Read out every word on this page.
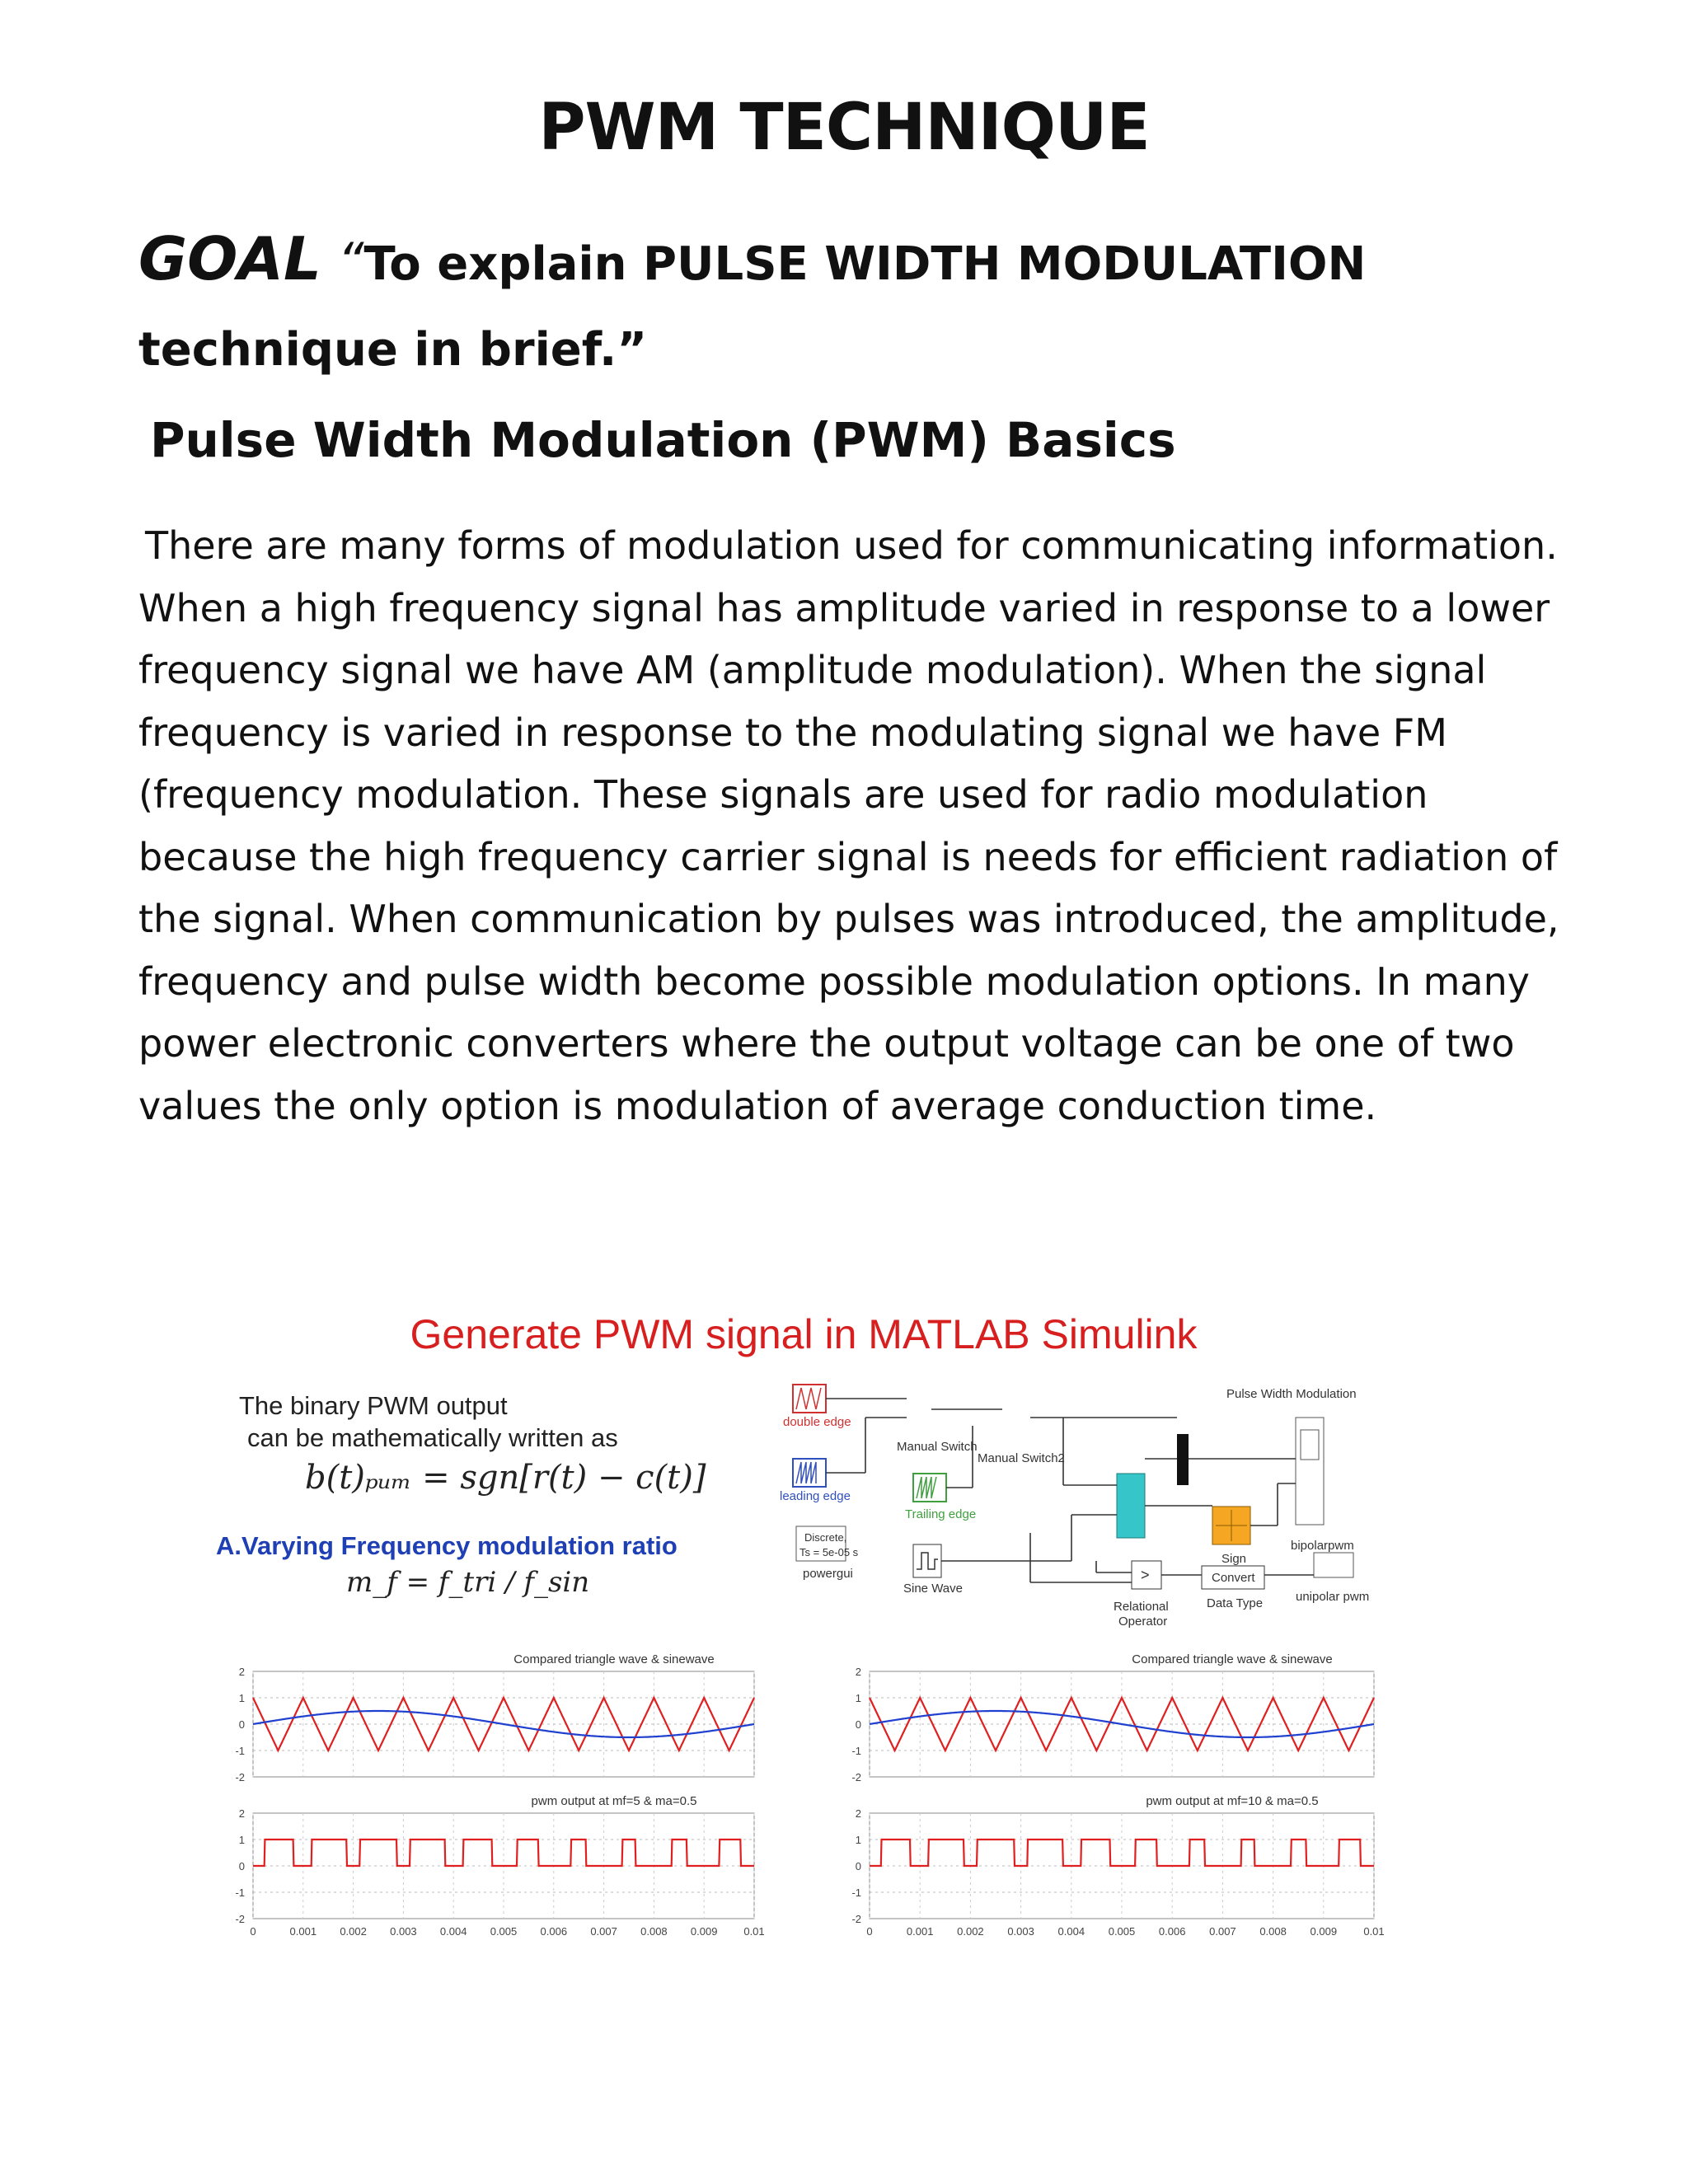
PWM TECHNIQUE
GOAL “To explain PULSE WIDTH MODULATION technique in brief.”
Pulse Width Modulation (PWM) Basics
There are many forms of modulation used for communicating information.
When a high frequency signal has amplitude varied in response to a lower
frequency signal we have AM (amplitude modulation). When the signal
frequency is varied in response to the modulating signal we have FM
(frequency modulation. These signals are used for radio modulation
because the high frequency carrier signal is needs for efficient radiation of
the signal. When communication by pulses was introduced, the amplitude,
frequency and pulse width become possible modulation options. In many
power electronic converters where the output voltage can be one of two
values the only option is modulation of average conduction time.
Generate PWM signal in MATLAB Simulink
The binary PWM output
can be mathematically written as
b(t)ₚᵤₘ = sgn[r(t) − c(t)]
A.Varying Frequency modulation ratio
m_f = f_tri / f_sin
double edge
leading edge
Trailing edge
Manual Switch
Manual Switch2
Discrete,
Ts = 5e-05 s
powergui
Sine Wave
Sign
>
Relational
Operator
Convert
Data Type
Pulse Width Modulation
bipolarpwm
unipolar pwm
Compared triangle wave & sinewave
pwm output at mf=5 & ma=0.5
Compared triangle wave & sinewave
pwm output at mf=10 & ma=0.5
-2
-1
0
1
2
-2
-1
0
1
2
0	0.001 0.002 0.003 0.004 0.005 0.006 0.007 0.008 0.009 0.01
-2
-1
0
1
2
-2
-1
0
1
2
0	0.001 0.002 0.003 0.004 0.005 0.006 0.007 0.008 0.009 0.01
